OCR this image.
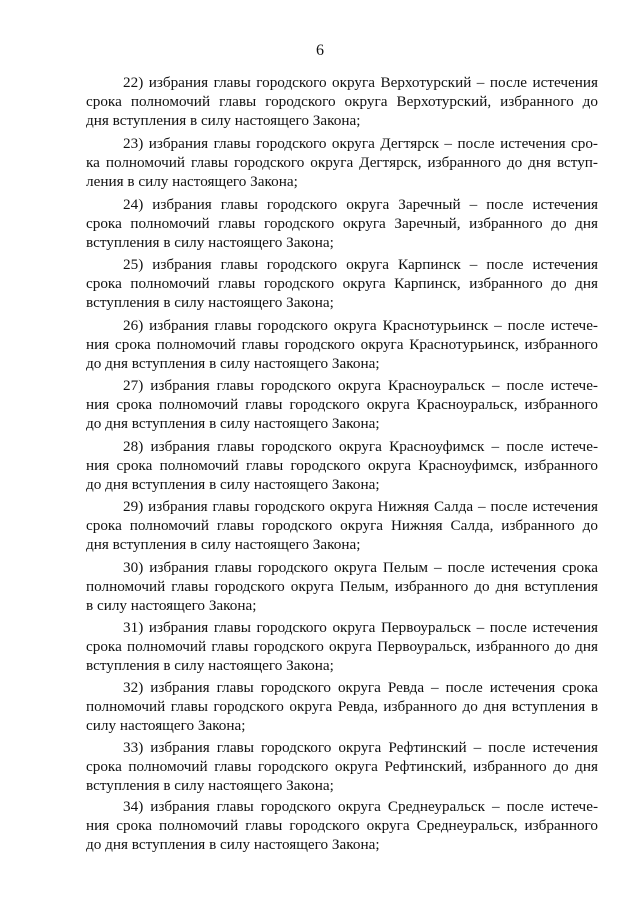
6
22) избрания главы городского округа Верхотурский – после истечения
срока полномочий главы городского округа Верхотурский, избранного до
дня вступления в силу настоящего Закона;
23) избрания главы городского округа Дегтярск – после истечения сро-
ка полномочий главы городского округа Дегтярск, избранного до дня вступ-
ления в силу настоящего Закона;
24) избрания главы городского округа Заречный – после истечения
срока полномочий главы городского округа Заречный, избранного до дня
вступления в силу настоящего Закона;
25) избрания главы городского округа Карпинск – после истечения
срока полномочий главы городского округа Карпинск, избранного до дня
вступления в силу настоящего Закона;
26) избрания главы городского округа Краснотурьинск – после истече-
ния срока полномочий главы городского округа Краснотурьинск, избранного
до дня вступления в силу настоящего Закона;
27) избрания главы городского округа Красноуральск – после истече-
ния срока полномочий главы городского округа Красноуральск, избранного
до дня вступления в силу настоящего Закона;
28) избрания главы городского округа Красноуфимск – после истече-
ния срока полномочий главы городского округа Красноуфимск, избранного
до дня вступления в силу настоящего Закона;
29) избрания главы городского округа Нижняя Салда – после истечения
срока полномочий главы городского округа Нижняя Салда, избранного до
дня вступления в силу настоящего Закона;
30) избрания главы городского округа Пелым – после истечения срока
полномочий главы городского округа Пелым, избранного до дня вступления
в силу настоящего Закона;
31) избрания главы городского округа Первоуральск – после истечения
срока полномочий главы городского округа Первоуральск, избранного до дня
вступления в силу настоящего Закона;
32) избрания главы городского округа Ревда – после истечения срока
полномочий главы городского округа Ревда, избранного до дня вступления в
силу настоящего Закона;
33) избрания главы городского округа Рефтинский – после истечения
срока полномочий главы городского округа Рефтинский, избранного до дня
вступления в силу настоящего Закона;
34) избрания главы городского округа Среднеуральск – после истече-
ния срока полномочий главы городского округа Среднеуральск, избранного
до дня вступления в силу настоящего Закона;
